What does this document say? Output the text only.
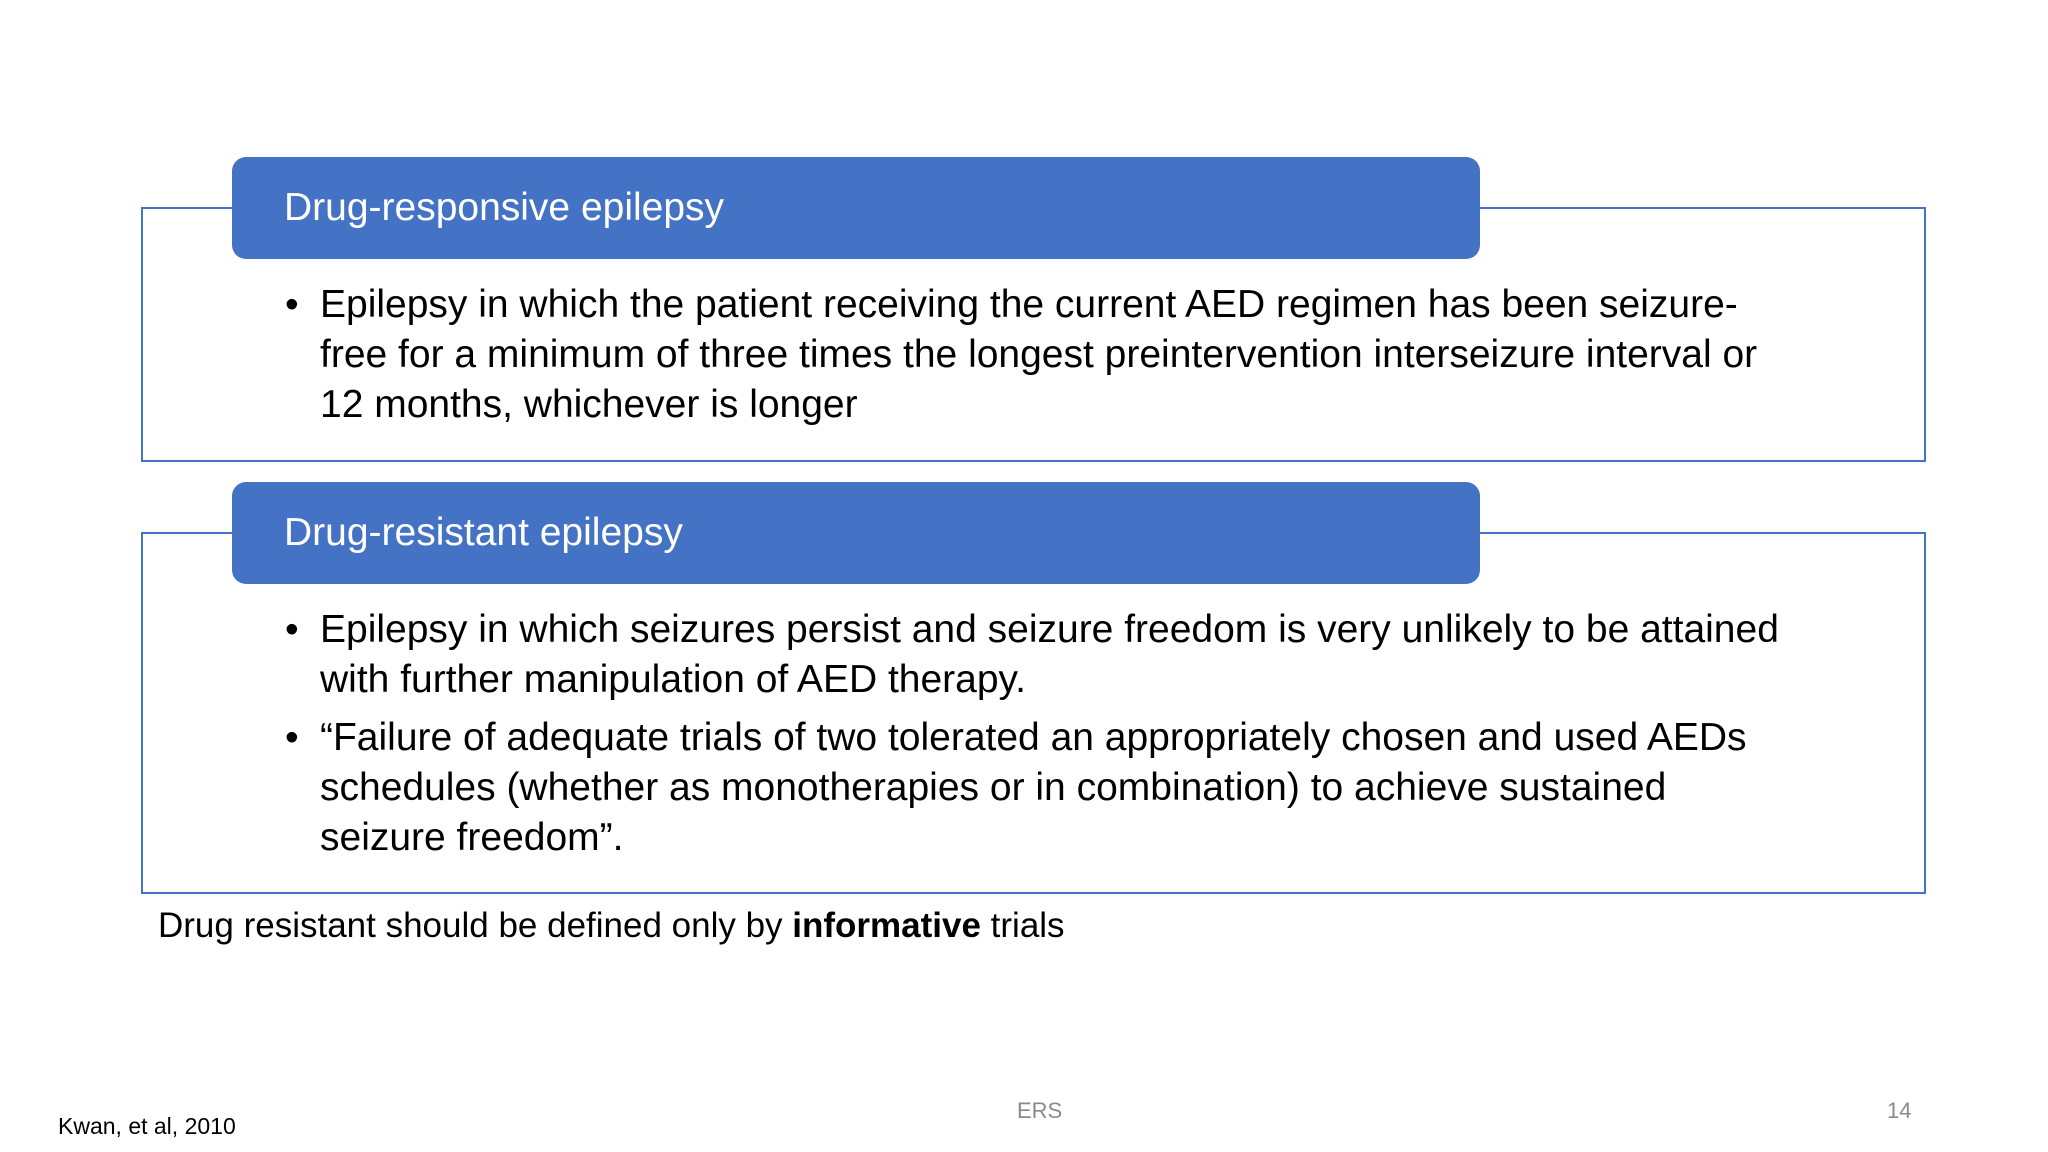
Drug-responsive epilepsy
• Epilepsy in which the patient receiving the current AED regimen has been seizure-free for a minimum of three times the longest preintervention interseizure interval or 12 months, whichever is longer
Drug-resistant epilepsy
• Epilepsy in which seizures persist and seizure freedom is very unlikely to be attained with further manipulation of AED therapy.
• “Failure of adequate trials of two tolerated an appropriately chosen and used AEDs schedules (whether as monotherapies or in combination) to achieve sustained seizure freedom”.
Drug resistant should be defined only by informative trials
Kwan, et al, 2010
ERS	14
